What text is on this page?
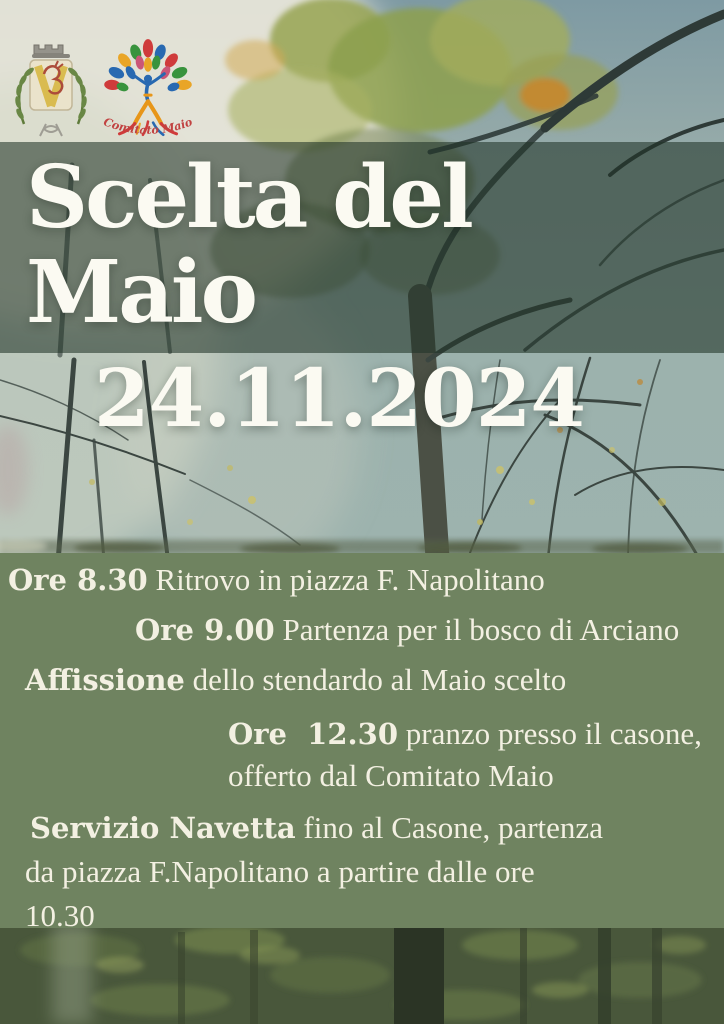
Comitato Maio
Scelta del
Maio
24.11.2024
Ore 8.30 Ritrovo in piazza F. Napolitano
Ore 9.00 Partenza per il bosco di Arciano
Affissione dello stendardo al Maio scelto
Ore  12.30 pranzo presso il casone,
offerto dal Comitato Maio
Servizio Navetta fino al Casone, partenza
da piazza F.Napolitano a partire dalle ore
10.30
